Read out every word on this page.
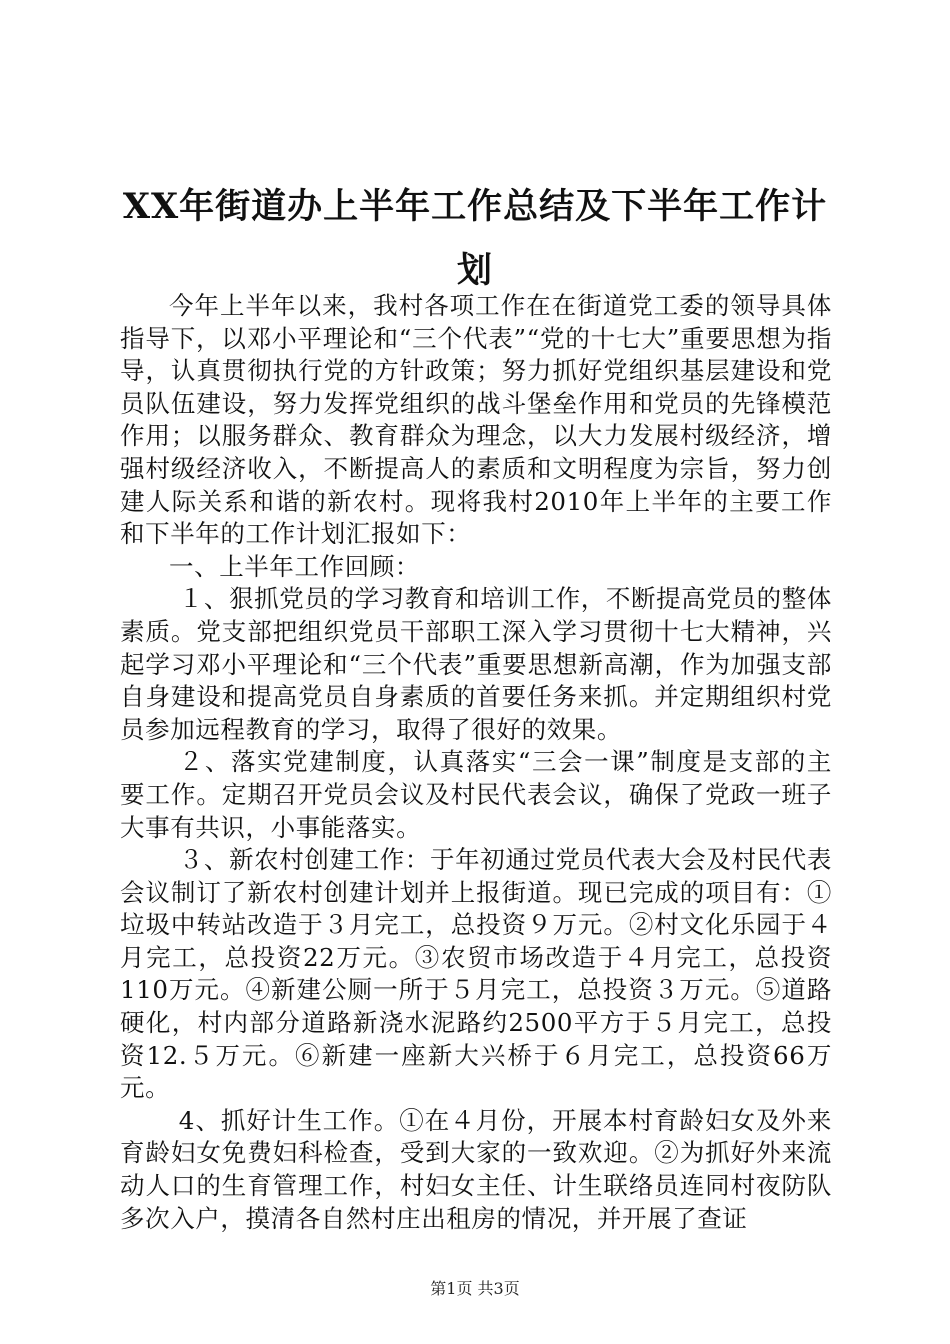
XX年街道办上半年工作总结及下半年工作计
划

今年上半年以来，我村各项工作在在街道党工委的领导具体指导下，以邓小平理论和“三个代表”“党的十七大”重要思想为指导，认真贯彻执行党的方针政策；努力抓好党组织基层建设和党员队伍建设，努力发挥党组织的战斗堡垒作用和党员的先锋模范作用；以服务群众、教育群众为理念，以大力发展村级经济，增强村级经济收入，不断提高人的素质和文明程度为宗旨，努力创建人际关系和谐的新农村。现将我村2010年上半年的主要工作和下半年的工作计划汇报如下：

一、上半年工作回顾：

１、狠抓党员的学习教育和培训工作，不断提高党员的整体素质。党支部把组织党员干部职工深入学习贯彻十七大精神，兴起学习邓小平理论和“三个代表”重要思想新高潮，作为加强支部自身建设和提高党员自身素质的首要任务来抓。并定期组织村党员参加远程教育的学习，取得了很好的效果。

２、落实党建制度，认真落实“三会一课”制度是支部的主要工作。定期召开党员会议及村民代表会议，确保了党政一班子大事有共识，小事能落实。

３、新农村创建工作：于年初通过党员代表大会及村民代表会议制订了新农村创建计划并上报街道。现已完成的项目有：①垃圾中转站改造于３月完工，总投资９万元。②村文化乐园于４月完工，总投资22万元。③农贸市场改造于４月完工，总投资110万元。④新建公厕一所于５月完工，总投资３万元。⑤道路硬化，村内部分道路新浇水泥路约2500平方于５月完工，总投资12.５万元。⑥新建一座新大兴桥于６月完工，总投资66万元。

4、抓好计生工作。①在４月份，开展本村育龄妇女及外来育龄妇女免费妇科检查，受到大家的一致欢迎。②为抓好外来流动人口的生育管理工作，村妇女主任、计生联络员连同村夜防队多次入户，摸清各自然村庄出租房的情况，并开展了查证

第1页 共3页
